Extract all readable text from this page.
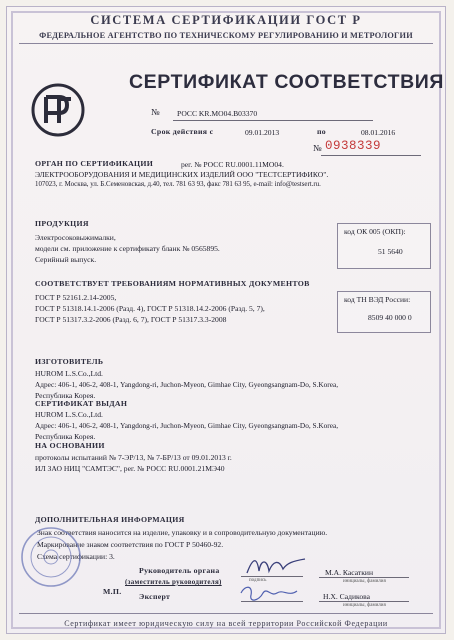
СИСТЕМА СЕРТИФИКАЦИИ ГОСТ Р
ФЕДЕРАЛЬНОЕ АГЕНТСТВО ПО ТЕХНИЧЕСКОМУ РЕГУЛИРОВАНИЮ И МЕТРОЛОГИИ
СЕРТИФИКАТ СООТВЕТСТВИЯ
№ РОСС KR.МО04.В03370
Срок действия с	09.01.2013	по	08.01.2016
№ 0938339
ОРГАН ПО СЕРТИФИКАЦИИ	рег. № РОСС RU.0001.11МО04.
ЭЛЕКТРООБОРУДОВАНИЯ И МЕДИЦИНСКИХ ИЗДЕЛИЙ ООО "ТЕСТСЕРТИФИКО".
107023, г. Москва, ул. Б.Семеновская, д.40, тел. 781 63 93, факс 781 63 95, e-mail: info@testsert.ru.
ПРОДУКЦИЯ
Электросоковыжималки,
модели см. приложение к сертификату бланк № 0565895.
Серийный выпуск.
код ОК 005 (ОКП):
51 5640
СООТВЕТСТВУЕТ ТРЕБОВАНИЯМ НОРМАТИВНЫХ ДОКУМЕНТОВ
ГОСТ Р 52161.2.14-2005,
ГОСТ Р 51318.14.1-2006 (Разд. 4), ГОСТ Р 51318.14.2-2006 (Разд. 5, 7),
ГОСТ Р 51317.3.2-2006 (Разд. 6, 7), ГОСТ Р 51317.3.3-2008
код ТН ВЭД России:
8509 40 000 0
ИЗГОТОВИТЕЛЬ
HUROM L.S.Co.,Ltd.
Адрес: 406-1, 406-2, 408-1, Yangdong-ri, Juchon-Myeon, Gimhae City, Gyeongsangnam-Do, S.Korea,
Республика Корея.
СЕРТИФИКАТ ВЫДАН
HUROM L.S.Co.,Ltd.
Адрес: 406-1, 406-2, 408-1, Yangdong-ri, Juchon-Myeon, Gimhae City, Gyeongsangnam-Do, S.Korea,
Республика Корея.
НА ОСНОВАНИИ
протоколы испытаний № 7-ЭР/13, № 7-БР/13 от 09.01.2013 г.
ИЛ ЗАО НИЦ "САМТЭС", рег. № РОСС RU.0001.21МЭ40
ДОПОЛНИТЕЛЬНАЯ ИНФОРМАЦИЯ
Знак соответствия наносится на изделие, упаковку и в сопроводительную документацию.
Маркирование знаком соответствия по ГОСТ Р 50460-92.
Схема сертификации: 3.
Руководитель органа
(заместитель руководителя)	подпись
М.А. Касаткин
инициалы, фамилия
М.П.
Эксперт	Н.Х. Садикова
инициалы, фамилия
Сертификат имеет юридическую силу на всей территории Российской Федерации
